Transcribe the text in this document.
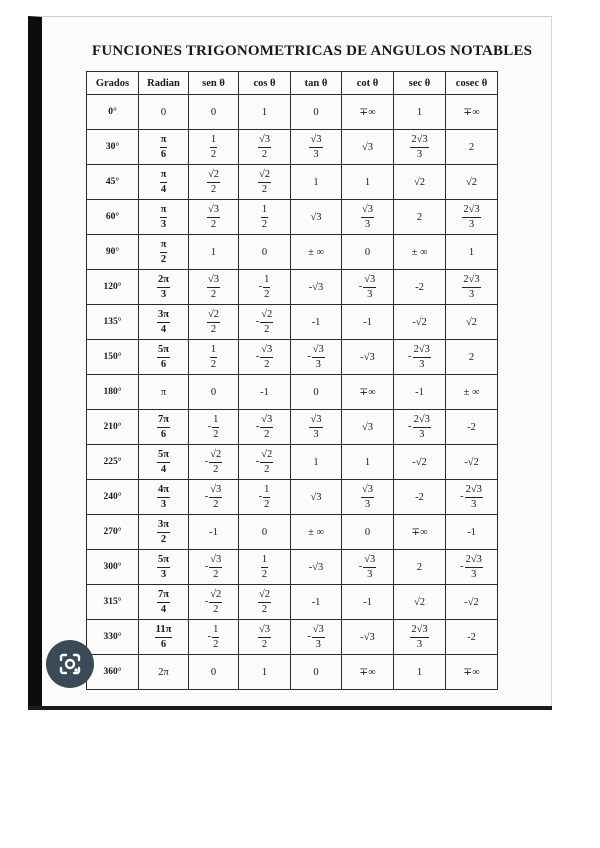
FUNCIONES TRIGONOMETRICAS DE ANGULOS NOTABLES
Grados	Radian	sen θ	cos θ	tan θ	cot θ	sec θ	cosec θ
0°	0	0	1	0	∓∞	1	∓∞
30°	$\frac{\pi}{6}$	$\frac{1}{2}$	$\frac{√3}{2}$	$\frac{√3}{3}$	√3	$\frac{2√3}{3}$	2
45°	$\frac{\pi}{4}$	$\frac{√2}{2}$	$\frac{√2}{2}$	1	1	√2	√2
60°	$\frac{\pi}{3}$	$\frac{√3}{2}$	$\frac{1}{2}$	√3	$\frac{√3}{3}$	2	$\frac{2√3}{3}$

90°	$\frac{\pi}{2}$	1	0	± ∞	0	± ∞	1
120°	$\frac{2\pi}{3}$	$\frac{√3}{2}$	- $\frac{1}{2}$	-√3	- $\frac{√3}{3}$	-2	$\frac{2√3}{3}$

135°	$\frac{3\pi}{4}$	$\frac{√2}{2}$	- $\frac{√2}{2}$	-1	-1	-√2	√2
150°	$\frac{5\pi}{6}$	$\frac{1}{2}$	- $\frac{√3}{2}$	- $\frac{√3}{3}$	-√3	- $\frac{2√3}{3}$	2
180°	π	0	-1	0	∓∞	-1	± ∞
210°	$\frac{7\pi}{6}$	- $\frac{1}{2}$	- $\frac{√3}{2}$	$\frac{√3}{3}$	√3	- $\frac{2√3}{3}$	-2
225°	$\frac{5\pi}{4}$	- $\frac{√2}{2}$	- $\frac{√2}{2}$	1	1	-√2	-√2
240°	$\frac{4\pi}{3}$	- $\frac{√3}{2}$	- $\frac{1}{2}$	√3	$\frac{√3}{3}$	-2	- $\frac{2√3}{3}$

270°	$\frac{3\pi}{2}$	-1	0	± ∞	0	∓∞	-1
300°	$\frac{5\pi}{3}$	- $\frac{√3}{2}$	$\frac{1}{2}$	-√3	- $\frac{√3}{3}$	2	- $\frac{2√3}{3}$

315°	$\frac{7\pi}{4}$	- $\frac{√2}{2}$	$\frac{√2}{2}$	-1	-1	√2	-√2
330°	$\frac{11\pi}{6}$	- $\frac{1}{2}$	$\frac{√3}{2}$	- $\frac{√3}{3}$	-√3	$\frac{2√3}{3}$	-2
360°	2π	0	1	0	∓∞	1	∓∞
